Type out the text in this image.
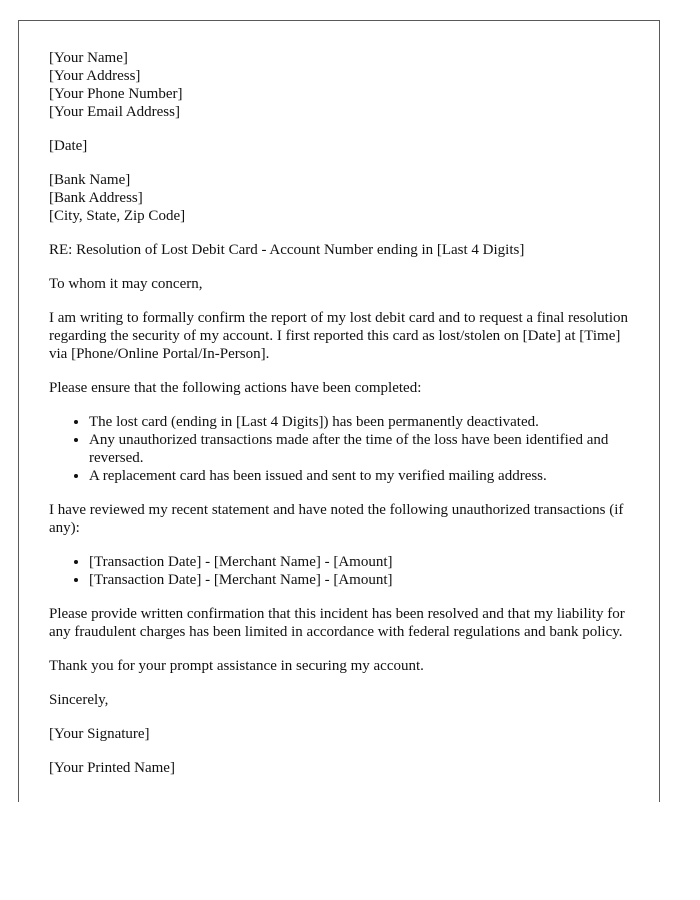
[Your Name]
[Your Address]
[Your Phone Number]
[Your Email Address]
[Date]
[Bank Name]
[Bank Address]
[City, State, Zip Code]

RE: Resolution of Lost Debit Card - Account Number ending in [Last 4 Digits]

To whom it may concern,

I am writing to formally confirm the report of my lost debit card and to request a final resolution regarding the security of my account. I first reported this card as lost/stolen on [Date] at [Time] via [Phone/Online Portal/In-Person].

Please ensure that the following actions have been completed:

• The lost card (ending in [Last 4 Digits]) has been permanently deactivated.
• Any unauthorized transactions made after the time of the loss have been identified and reversed.
• A replacement card has been issued and sent to my verified mailing address.

I have reviewed my recent statement and have noted the following unauthorized transactions (if any):

• [Transaction Date] - [Merchant Name] - [Amount]
• [Transaction Date] - [Merchant Name] - [Amount]

Please provide written confirmation that this incident has been resolved and that my liability for any fraudulent charges has been limited in accordance with federal regulations and bank policy.

Thank you for your prompt assistance in securing my account.

Sincerely,

[Your Signature]

[Your Printed Name]
